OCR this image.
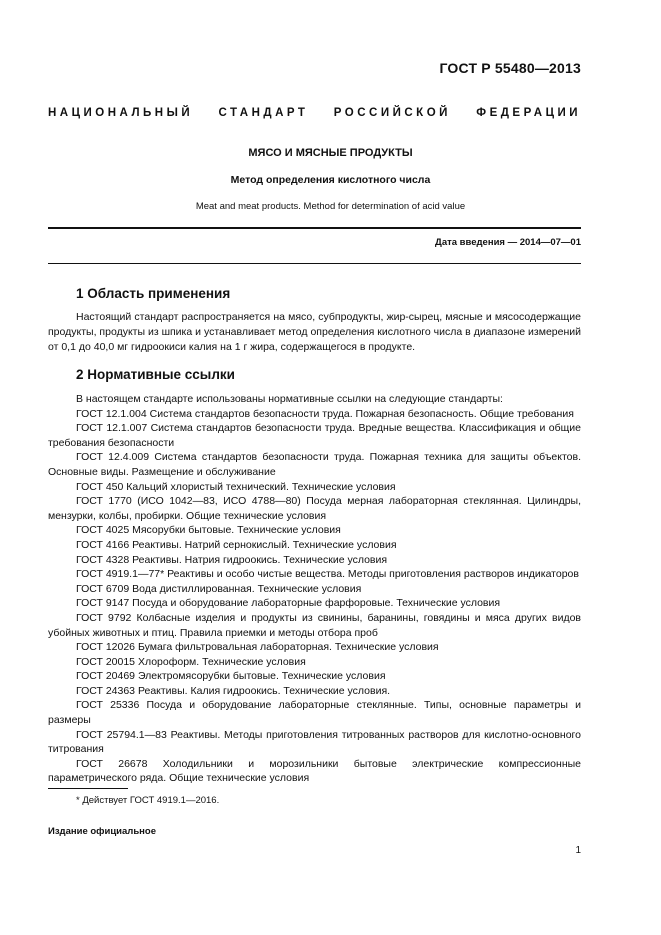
ГОСТ Р 55480—2013
НАЦИОНАЛЬНЫЙ СТАНДАРТ РОССИЙСКОЙ ФЕДЕРАЦИИ
МЯСО И МЯСНЫЕ ПРОДУКТЫ
Метод определения кислотного числа
Meat and meat products. Method for determination of acid value
Дата введения — 2014—07—01
1 Область применения
Настоящий стандарт распространяется на мясо, субпродукты, жир-сырец, мясные и мясосодержащие продукты, продукты из шпика и устанавливает метод определения кислотного числа в диапазоне измерений от 0,1 до 40,0 мг гидроокиси калия на 1 г жира, содержащегося в продукте.
2 Нормативные ссылки
В настоящем стандарте использованы нормативные ссылки на следующие стандарты:
ГОСТ 12.1.004 Система стандартов безопасности труда. Пожарная безопасность. Общие требования
ГОСТ 12.1.007 Система стандартов безопасности труда. Вредные вещества. Классификация и общие требования безопасности
ГОСТ 12.4.009 Система стандартов безопасности труда. Пожарная техника для защиты объектов. Основные виды. Размещение и обслуживание
ГОСТ 450 Кальций хлористый технический. Технические условия
ГОСТ 1770 (ИСО 1042—83, ИСО 4788—80) Посуда мерная лабораторная стеклянная. Цилиндры, мензурки, колбы, пробирки. Общие технические условия
ГОСТ 4025 Мясорубки бытовые. Технические условия
ГОСТ 4166 Реактивы. Натрий сернокислый. Технические условия
ГОСТ 4328 Реактивы. Натрия гидроокись. Технические условия
ГОСТ 4919.1—77* Реактивы и особо чистые вещества. Методы приготовления растворов индикаторов
ГОСТ 6709 Вода дистиллированная. Технические условия
ГОСТ 9147 Посуда и оборудование лабораторные фарфоровые. Технические условия
ГОСТ 9792 Колбасные изделия и продукты из свинины, баранины, говядины и мяса других видов убойных животных и птиц. Правила приемки и методы отбора проб
ГОСТ 12026 Бумага фильтровальная лабораторная. Технические условия
ГОСТ 20015 Хлороформ. Технические условия
ГОСТ 20469 Электромясорубки бытовые. Технические условия
ГОСТ 24363 Реактивы. Калия гидроокись. Технические условия.
ГОСТ 25336 Посуда и оборудование лабораторные стеклянные. Типы, основные параметры и размеры
ГОСТ 25794.1—83 Реактивы. Методы приготовления титрованных растворов для кислотно-основного титрования
ГОСТ 26678 Холодильники и морозильники бытовые электрические компрессионные параметрического ряда. Общие технические условия
* Действует ГОСТ 4919.1—2016.
Издание официальное
1
